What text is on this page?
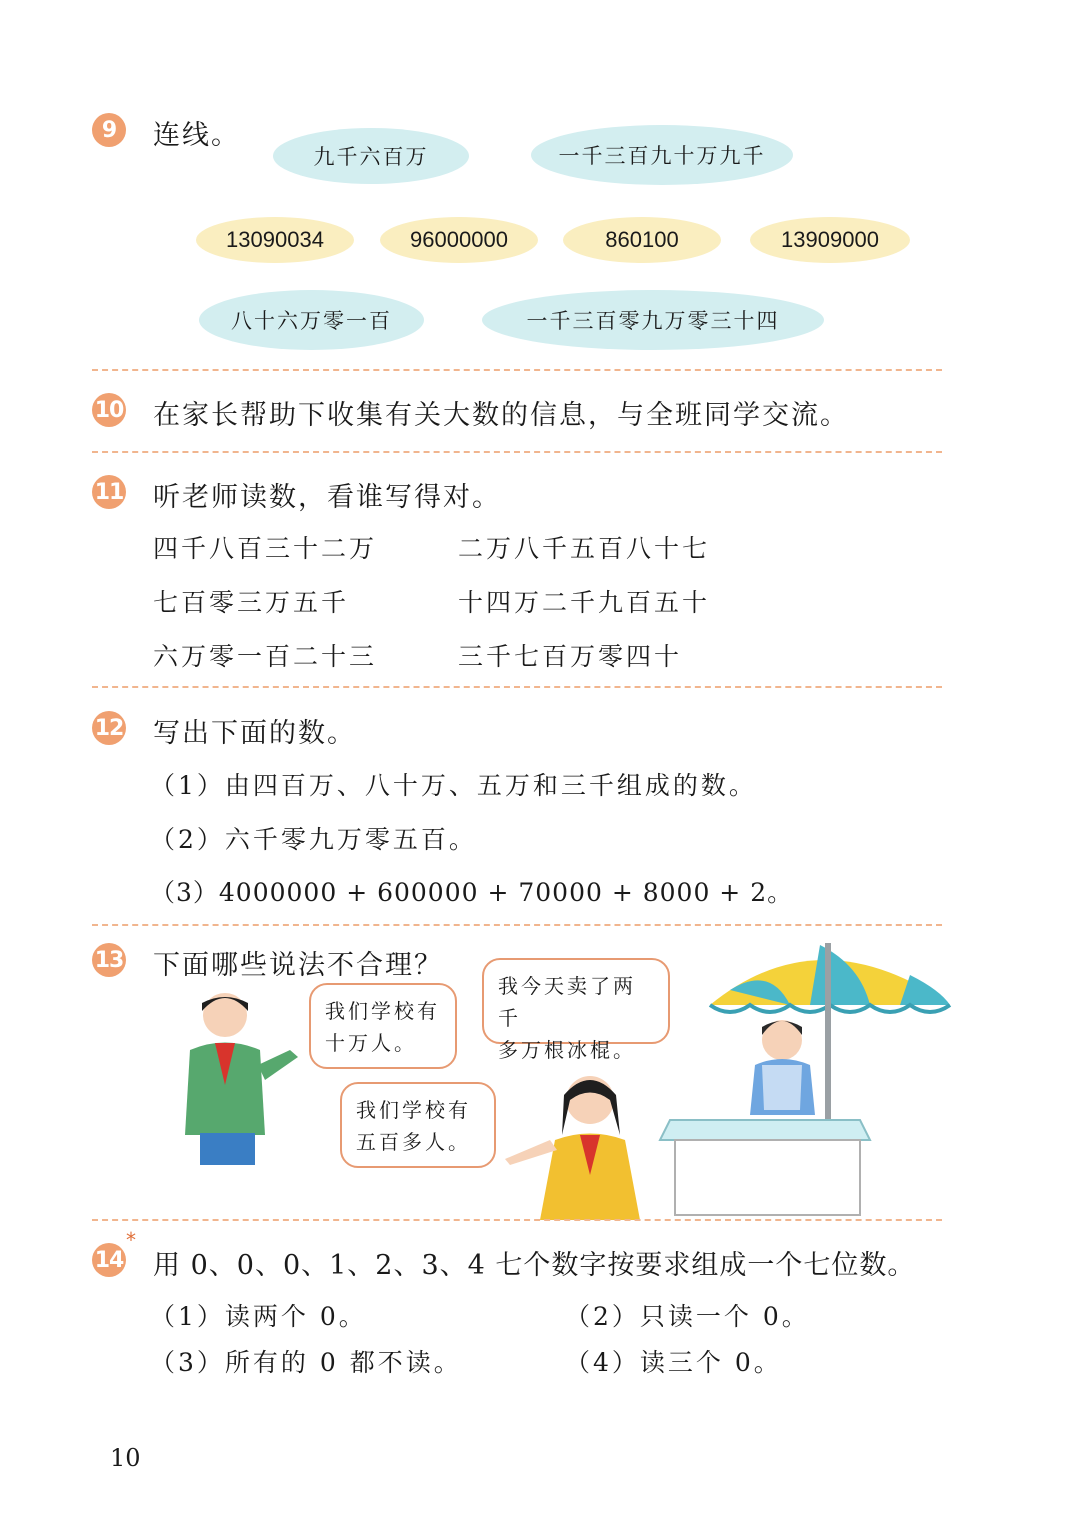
9	连线。
九千六百万	一千三百九十万九千
13090034	96000000	860100	13909000
八十六万零一百	一千三百零九万零三十四
10 在家长帮助下收集有关大数的信息，与全班同学交流。
11 听老师读数，看谁写得对。
四千八百三十二万	二万八千五百八十七
七百零三万五千	十四万二千九百五十
六万零一百二十三	三千七百万零四十
12 写出下面的数。
（1）由四百万、八十万、五万和三千组成的数。
（2）六千零九万零五百。
（3）4000000 + 600000 + 70000 + 8000 + 2。
13 下面哪些说法不合理？
我们学校有
十万人。
我今天卖了两千
多万根冰棍。
我们学校有
五百多人。
14
*
用 0、0、0、1、2、3、4 七个数字按要求组成一个七位数。
（1）读两个 0。	（2）只读一个 0。
（3）所有的 0 都不读。	（4）读三个 0。
10
